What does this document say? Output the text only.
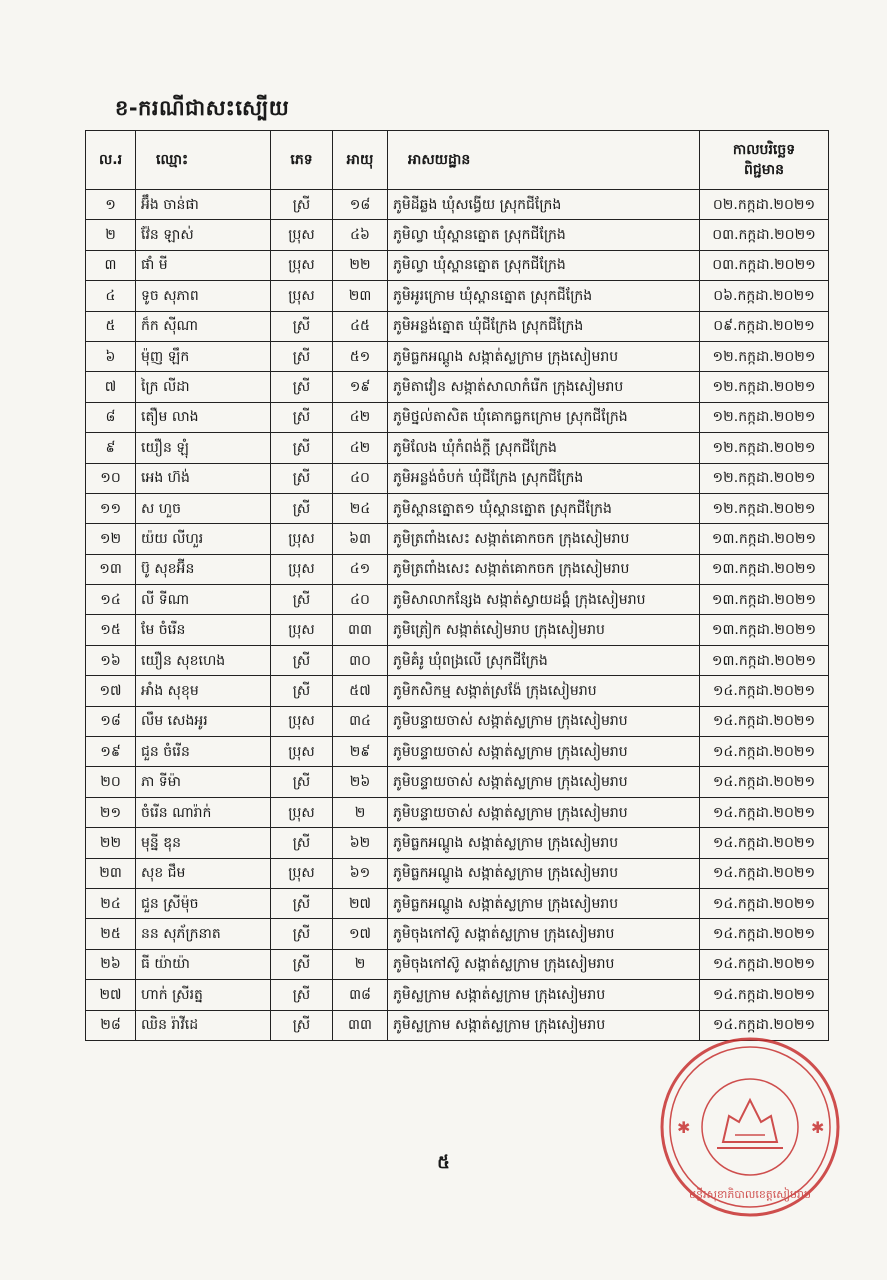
ខ-ករណីជាសះស្បើយ
ល.រ	ឈ្មោះ	ភេទ	អាយុ	អាសយដ្ឋាន	កាលបរិច្ឆេទ
ពិជ្ជមាន
១	អ៊ឹង ចាន់ផា	ស្រី	១៨	ភូមិដីឆ្លង ឃុំសង្វើយ ស្រុកជីក្រែង	០២.កក្កដា.២០២១
២	វ៉ែន ឡាស់	ប្រុស	៤៦	ភូមិល្វា ឃុំស្ពានត្នោត ស្រុកជីក្រែង	០៣.កក្កដា.២០២១
៣	ផាំ មី	ប្រុស	២២	ភូមិល្វា ឃុំស្ពានត្នោត ស្រុកជីក្រែង	០៣.កក្កដា.២០២១
៤	ទូច សុភាព	ប្រុស	២៣	ភូមិអូរក្រោម ឃុំស្ពានត្នោត ស្រុកជីក្រែង	០៦.កក្កដា.២០២១
៥	ក៏ក ស៊ីណា	ស្រី	៤៥	ភូមិអន្លង់ត្នោត ឃុំជីក្រែង ស្រុកជីក្រែង	០៩.កក្កដា.២០២១
៦	ម៉ុញ ឡឹក	ស្រី	៥១	ភូមិធ្លកអណ្ដូង សង្កាត់ស្លក្រាម ក្រុងសៀមរាប	១២.កក្កដា.២០២១
៧	ក្រៃ លីដា	ស្រី	១៩	ភូមិតាវៀន សង្កាត់សាលាកំរើក ក្រុងសៀមរាប	១២.កក្កដា.២០២១
៨	តឿម លាង	ស្រី	៤២	ភូមិថ្នល់តាសិត ឃុំគោកធ្លកក្រោម ស្រុកជីក្រែង	១២.កក្កដា.២០២១
៩	យឿន ឡុំ	ស្រី	៤២	ភូមិលែង ឃុំកំពង់ក្ដី ស្រុកជីក្រែង	១២.កក្កដា.២០២១
១០	អេង ហ៊ង់	ស្រី	៤០	ភូមិអន្លង់ចំបក់ ឃុំជីក្រែង ស្រុកជីក្រែង	១២.កក្កដា.២០២១
១១	ស ហួច	ស្រី	២៤	ភូមិស្ពានត្នោត១ ឃុំស្ពានត្នោត ស្រុកជីក្រែង	១២.កក្កដា.២០២១
១២	យ៉យ លីហួរ	ប្រុស	៦៣	ភូមិត្រពាំងសេះ សង្កាត់គោកចក ក្រុងសៀមរាប	១៣.កក្កដា.២០២១
១៣	ប៊ូ សុខអ៊ីន	ប្រុស	៤១	ភូមិត្រពាំងសេះ សង្កាត់គោកចក ក្រុងសៀមរាប	១៣.កក្កដា.២០២១
១៤	លី ទីណា	ស្រី	៤០	ភូមិសាលាកន្សែង សង្កាត់ស្វាយដង្គំ ក្រុងសៀមរាប	១៣.កក្កដា.២០២១
១៥	មែ ចំរើន	ប្រុស	៣៣	ភូមិត្រៀក សង្កាត់សៀមរាប ក្រុងសៀមរាប	១៣.កក្កដា.២០២១
១៦	យឿន សុខហេង	ស្រី	៣០	ភូមិគំរូ ឃុំពង្រលើ ស្រុកជីក្រែង	១៣.កក្កដា.២០២១
១៧	អាំង សុខុម	ស្រី	៥៧	ភូមិកសិកម្ម សង្កាត់ស្រង៉ែ ក្រុងសៀមរាប	១៤.កក្កដា.២០២១
១៨	លឹម សេងអូរ	ប្រុស	៣៤	ភូមិបន្ទាយចាស់ សង្កាត់ស្លក្រាម ក្រុងសៀមរាប	១៤.កក្កដា.២០២១
១៩	ជួន ចំរើន	ប្រុស	២៩	ភូមិបន្ទាយចាស់ សង្កាត់ស្លក្រាម ក្រុងសៀមរាប	១៤.កក្កដា.២០២១
២០	ភា ទីម៉ា	ស្រី	២៦	ភូមិបន្ទាយចាស់ សង្កាត់ស្លក្រាម ក្រុងសៀមរាប	១៤.កក្កដា.២០២១
២១	ចំរើន ណារ៉ាក់	ប្រុស	២	ភូមិបន្ទាយចាស់ សង្កាត់ស្លក្រាម ក្រុងសៀមរាប	១៤.កក្កដា.២០២១
២២	មុន្នី ឌុន	ស្រី	៦២	ភូមិធ្លកអណ្ដូង សង្កាត់ស្លក្រាម ក្រុងសៀមរាប	១៤.កក្កដា.២០២១
២៣	សុខ ជឹម	ប្រុស	៦១	ភូមិធ្លកអណ្ដូង សង្កាត់ស្លក្រាម ក្រុងសៀមរាប	១៤.កក្កដា.២០២១
២៤	ជួន ស្រីម៉ុច	ស្រី	២៧	ភូមិធ្លកអណ្ដូង សង្កាត់ស្លក្រាម ក្រុងសៀមរាប	១៤.កក្កដា.២០២១
២៥	នន សុភ័ក្រនាត	ស្រី	១៧	ភូមិចុងកៅស៊ូ សង្កាត់ស្លក្រាម ក្រុងសៀមរាប	១៤.កក្កដា.២០២១
២៦	ធី យ៉ាយ៉ា	ស្រី	២	ភូមិចុងកៅស៊ូ សង្កាត់ស្លក្រាម ក្រុងសៀមរាប	១៤.កក្កដា.២០២១
២៧	ហាក់ ស្រីរត្ន	ស្រី	៣៨	ភូមិស្លក្រាម សង្កាត់ស្លក្រាម ក្រុងសៀមរាប	១៤.កក្កដា.២០២១
២៨	ឈិន រ៉ាវីដេ	ស្រី	៣៣	ភូមិស្លក្រាម សង្កាត់ស្លក្រាម ក្រុងសៀមរាប	១៤.កក្កដា.២០២១
៥
មន្ទីរសុខាភិបាលខេត្តសៀមរាប
✱	✱
